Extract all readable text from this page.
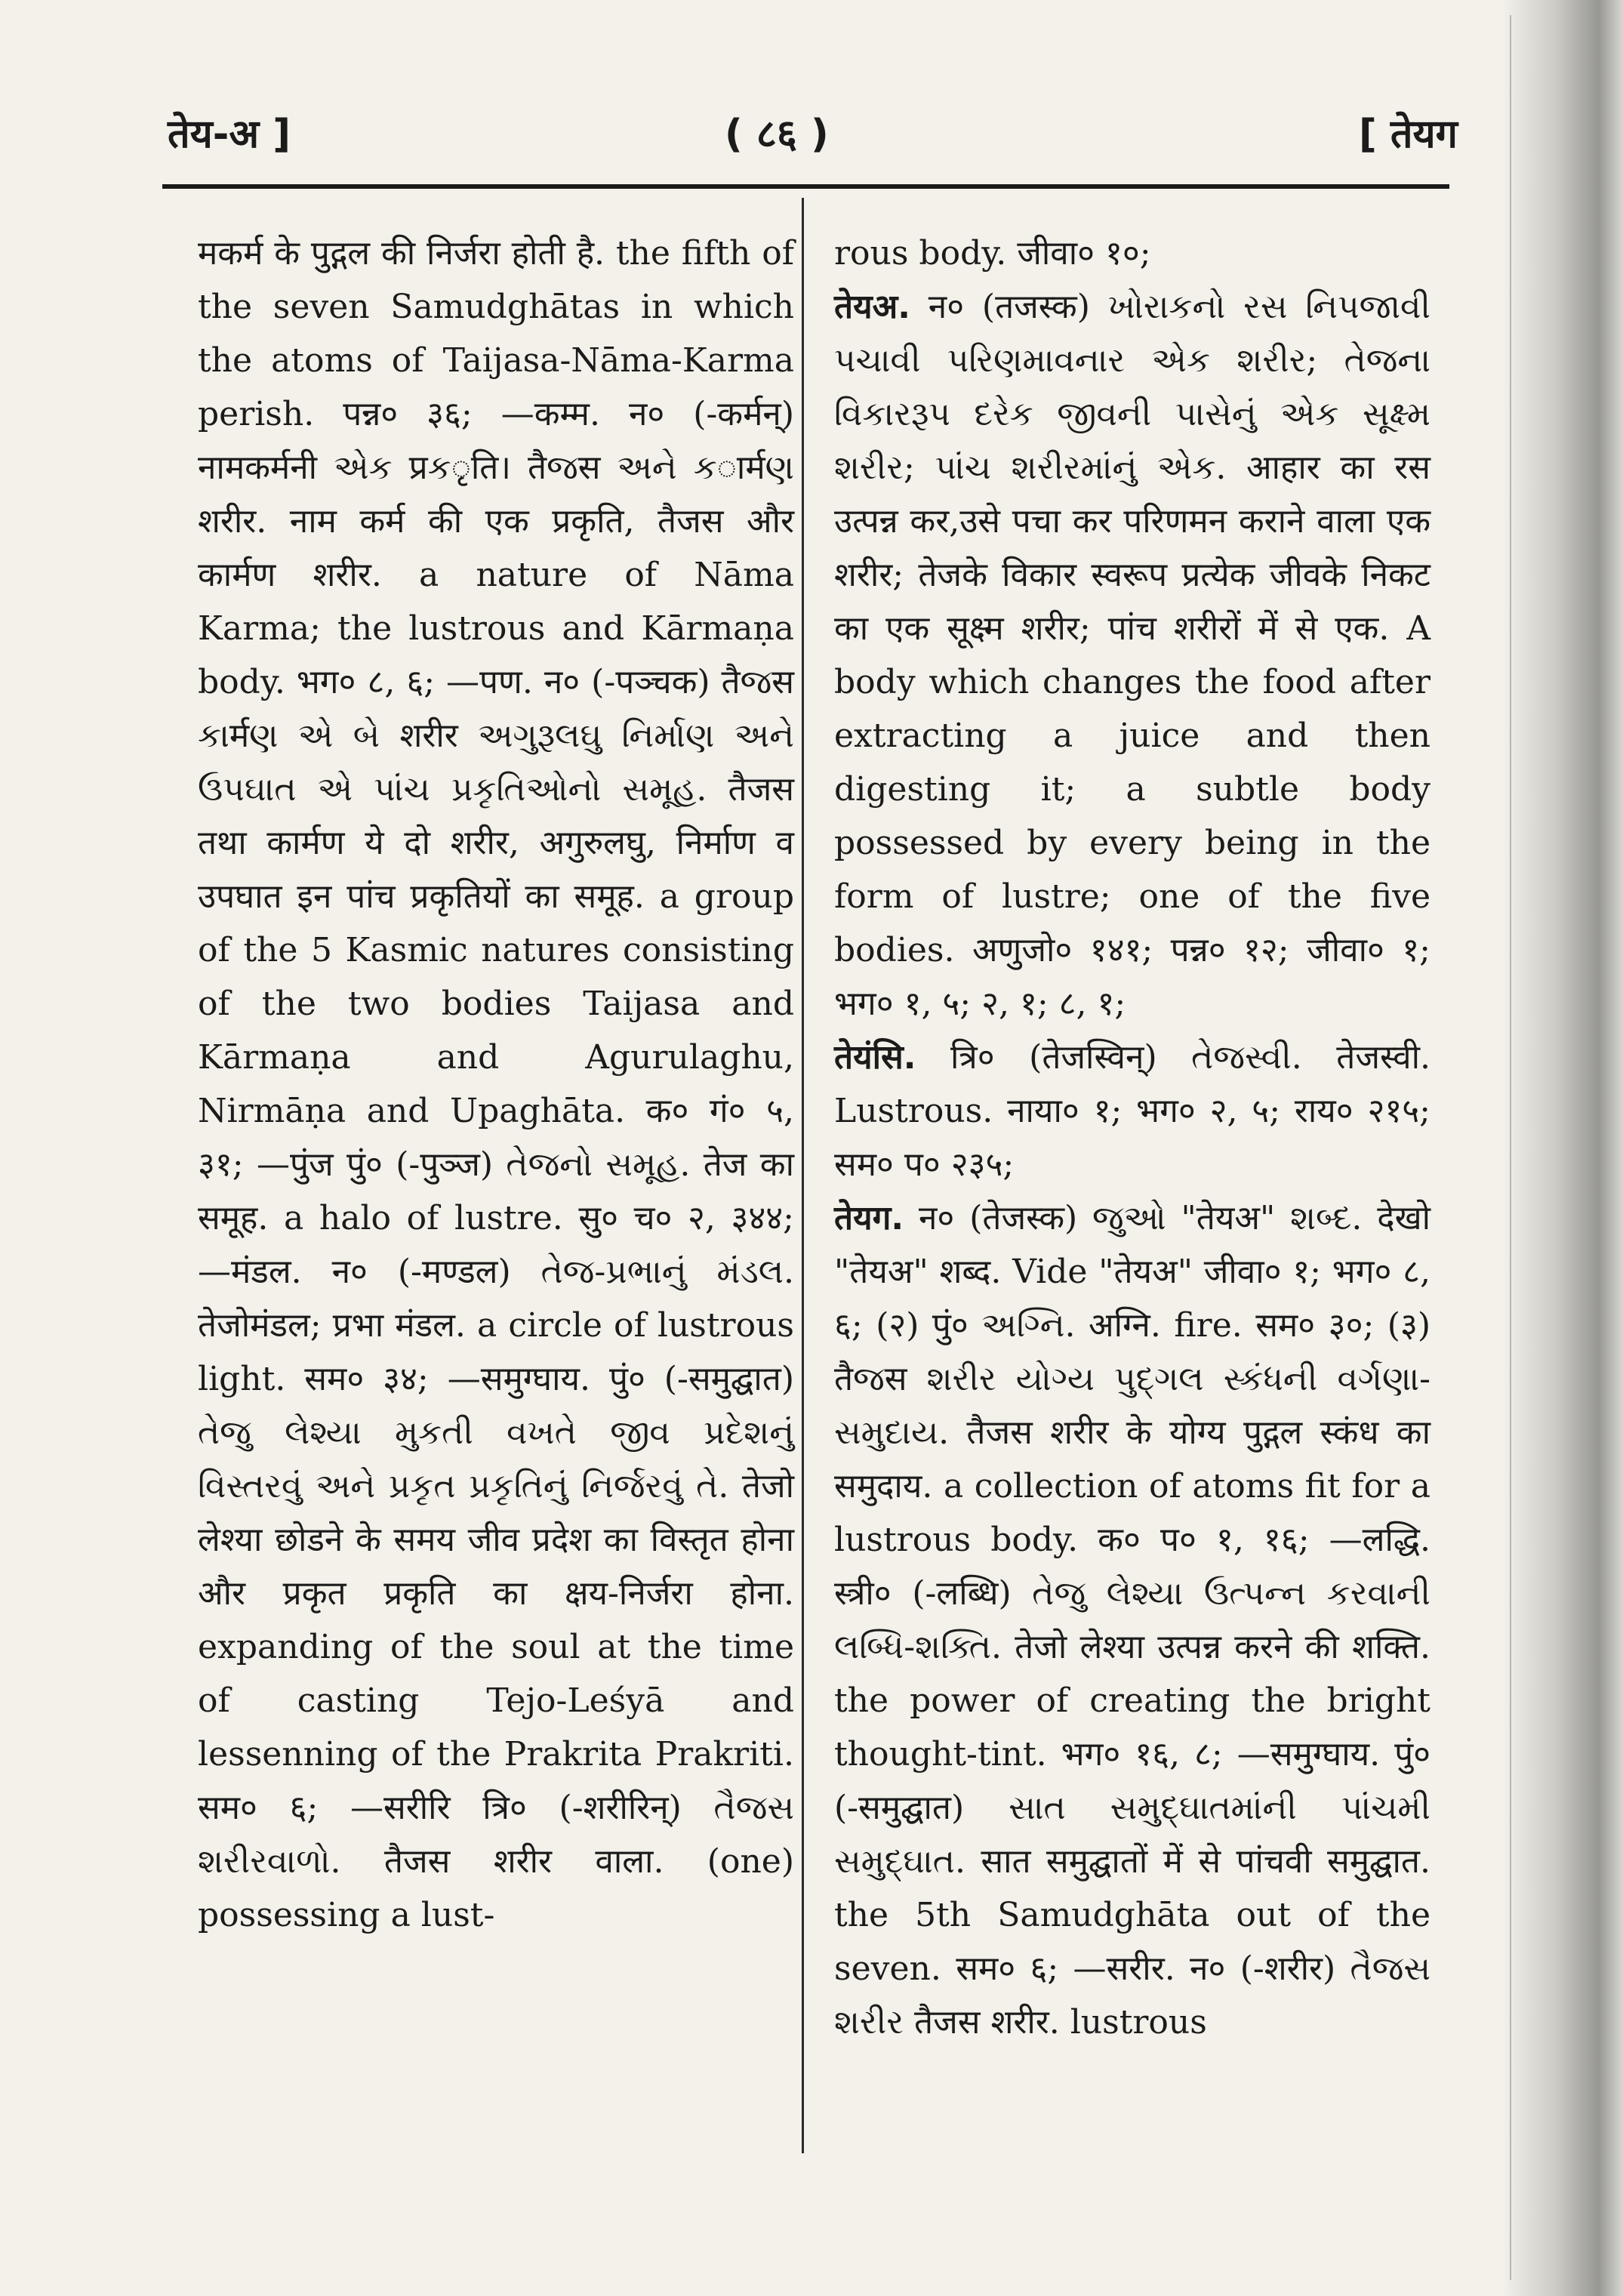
तेय-अ ]	( ८६ )	[ तेयग
मकर्म के पुद्गल की निर्जरा होती है. the fifth of the seven Samudghātas in which the atoms of Taijasa-Nāma-Karma perish. पन्न० ३६; —कम्म. न० (-कर्मन्) नामकर्मनी એક प्रકृति। तैજस અને કार्मણ शरीर. नाम कर्म की एक प्रकृति, तैजस और कार्मण शरीर. a nature of Nāma Karma; the lustrous and Kārmaṇa body. भग० ८, ६; —पण. न० (-पञ्चक) तैજस કાर्मણ એ બે शरीर અગુરૂલઘુ નિર્માણ અને ઉપઘાત એ પાંચ પ્રકૃતિઓનો સમૂહ. तैजस तथा कार्मण ये दो शरीर, अगुरुलघु, निर्माण व उपघात इन पांच प्रकृतियों का समूह. a group of the 5 Kasmic natures consisting of the two bodies Taijasa and Kārmaṇa and Agurulaghu, Nirmāṇa and Upaghāta. क० गं० ५, ३१; —पुंज पुं० (-पुञ्ज) તેજનો સમૂહ. तेज का समूह. a halo of lustre. सु० च० २, ३४४; —मंडल. न० (-मण्डल) તેજ-પ્રભાનું મંડલ. तेजोमंडल; प्रभा मंडल. a circle of lustrous light. सम० ३४; —समुग्घाय. पुं० (-समुद्घात) તેજુ લેશ્યા મુકતી વખતે જીવ પ્રદેશનું વિસ્તરવું અને પ્રકૃત પ્રકૃતિનું નિર્જરવું તે. तेजो लेश्या छोडने के समय जीव प्रदेश का विस्तृत होना और प्रकृत प्रकृति का क्षय-निर्जरा होना. expanding of the soul at the time of casting Tejo-Leśyā and lessenning of the Prakrita Prakriti. सम० ६; —सरीरि त्रि० (-शरीरिन्) તૈજસ શરીરવાળો. तैजस शरीर वाला. (one) possessing a lust-
rous body. जीवा० १०;
तेयअ. न० (तजस्क) ખોરાકનો રસ નિપજાવી પચાવી પરિણમાવનાર એક શરીર; તેજના વિકારરૂપ દરેક જીવની પાસેનું એક સૂક્ષ્મ શરીર; પાંચ શરીરમાંનું એક. आहार का रस उत्पन्न कर,उसे पचा कर परिणमन कराने वाला एक शरीर; तेजके विकार स्वरूप प्रत्येक जीवके निकट का एक सूक्ष्म शरीर; पांच शरीरों में से एक. A body which changes the food after extracting a juice and then digesting it; a subtle body possessed by every being in the form of lustre; one of the five bodies. अणुजो० १४१; पन्न० १२; जीवा० १; भग० १, ५; २, १; ८, १;
तेयंसि. त्रि० (तेजस्विन्) તેજસ્વી. तेजस्वी. Lustrous. नाया० १; भग० २, ५; राय० २१५; सम० प० २३५;
तेयग. न० (तेजस्क) જુઓ "तेयअ" શબ્દ. देखो "तेयअ" शब्द. Vide "तेयअ" जीवा० १; भग० ८, ६; (२) पुं० અગ્નિ. अग्नि. fire. सम० ३०; (३) तैજस શરીર યોગ્ય પુદ્ગલ સ્કંધની વર્ગણા-સમુદાય. तैजस शरीर के योग्य पुद्गल स्कंध का समुदाय. a collection of atoms fit for a lustrous body. क० प० १, १६; —लद्धि. स्त्री० (-लब्धि) તેજુ લેશ્યા ઉત્પન્ન કરવાની લબ્ધિ-શક્તિ. तेजो लेश्या उत्पन्न करने की शक्ति. the power of creating the bright thought-tint. भग० १६, ८; —समुग्घाय. पुं० (-समुद्घात) સાત સમુદ્ઘાતમાંની પાંચમી સમુદ્ઘાત. सात समुद्घातों में से पांचवी समुद्घात. the 5th Samudghāta out of the seven. सम० ६; —सरीर. न० (-शरीर) તૈજસ શરીર तैजस शरीर. lustrous
